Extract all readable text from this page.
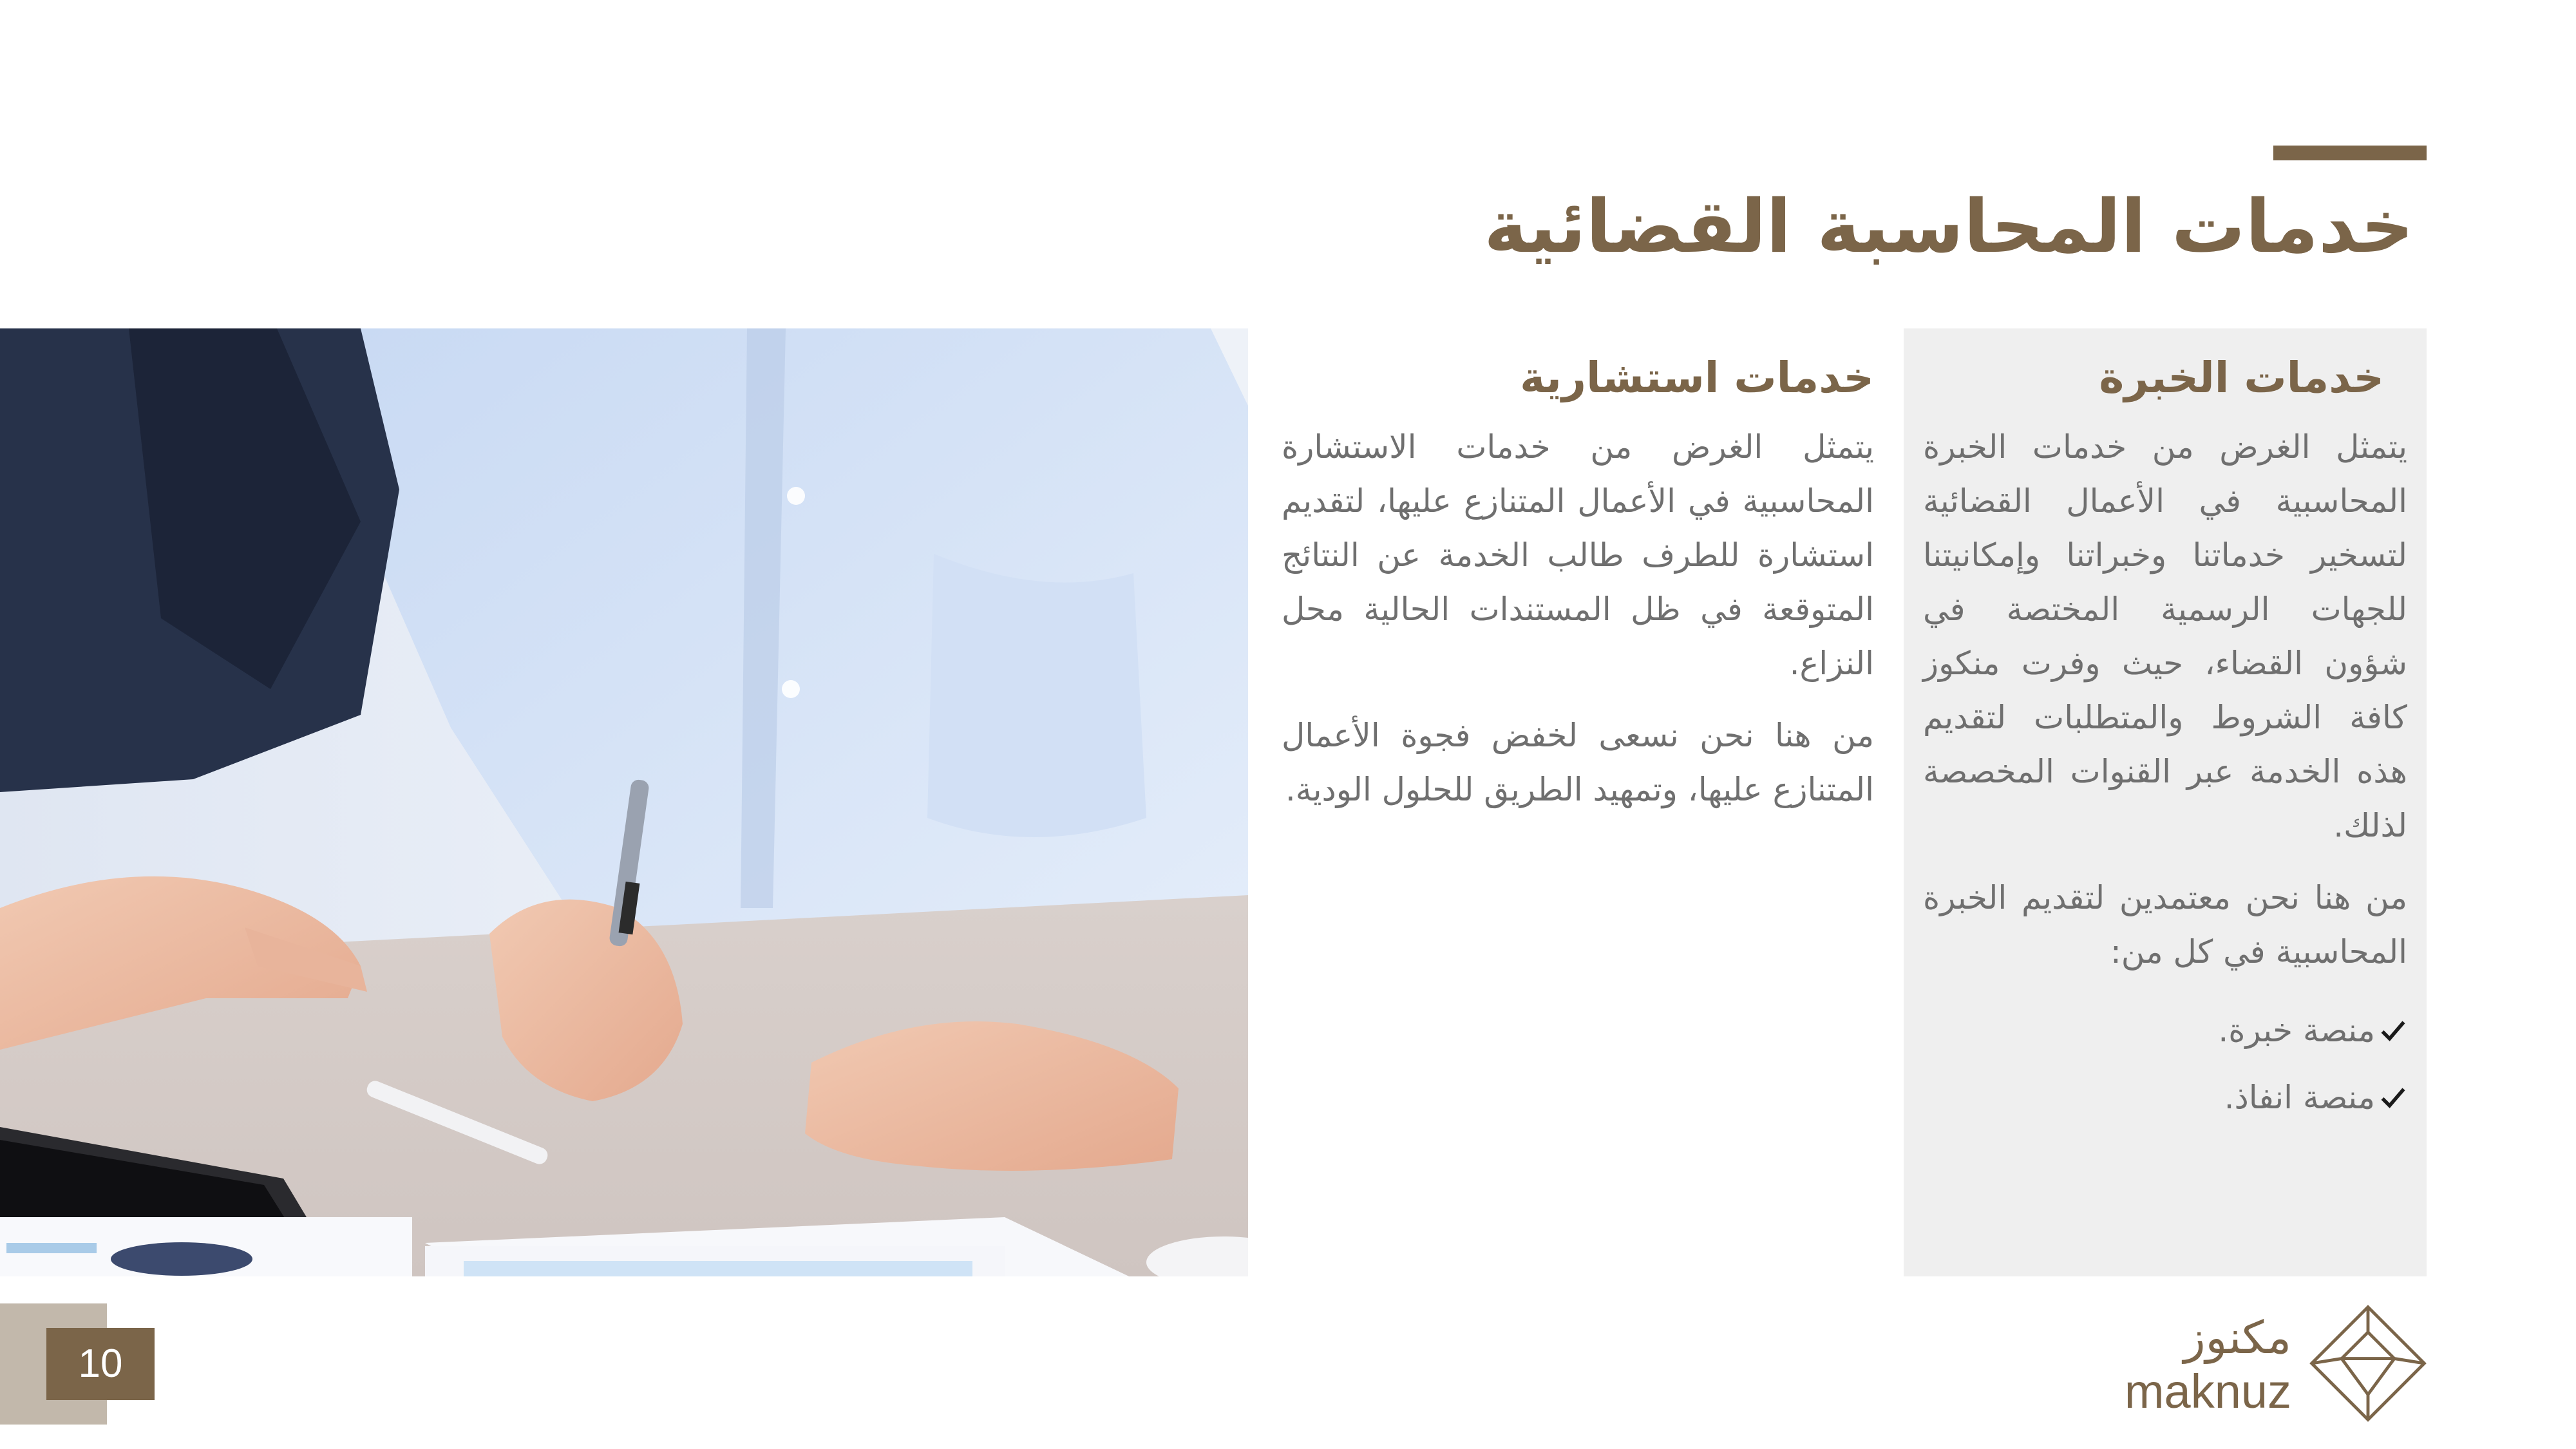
خدمات المحاسبة القضائية
خدمات استشارية

يتمثل الغرض من خدمات الاستشارة المحاسبية في الأعمال المتنازع عليها، لتقديم استشارة للطرف طالب الخدمة عن النتائج المتوقعة في ظل المستندات الحالية محل النزاع.

من هنا نحن نسعى لخفض فجوة الأعمال المتنازع عليها، وتمهيد الطريق للحلول الودية.

خدمات الخبرة

يتمثل الغرض من خدمات الخبرة المحاسبية في الأعمال القضائية لتسخير خدماتنا وخبراتنا وإمكانيتنا للجهات الرسمية المختصة في شؤون القضاء، حيث وفرت منكوز كافة الشروط والمتطلبات لتقديم هذه الخدمة عبر القنوات المخصصة لذلك.

من هنا نحن معتمدين لتقديم الخبرة المحاسبية في كل من:

منصة خبرة.
منصة انفاذ.
10	مكنوز
maknuz
